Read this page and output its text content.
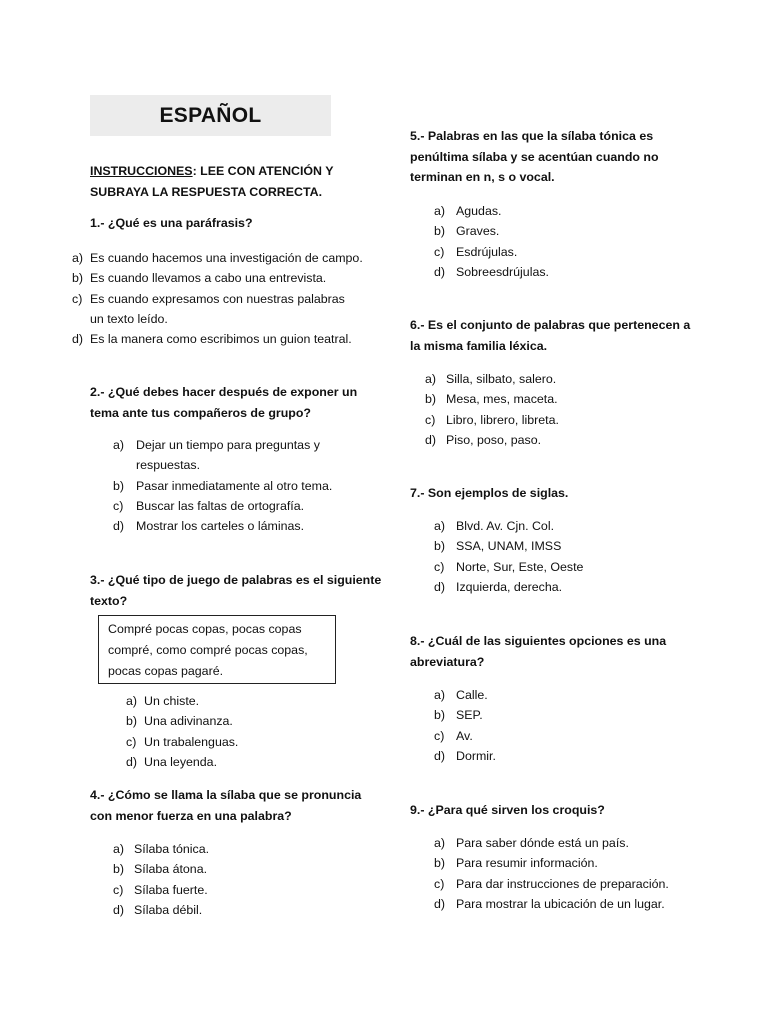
ESPAÑOL
INSTRUCCIONES: LEE CON ATENCIÓN Y SUBRAYA LA RESPUESTA CORRECTA.
1.- ¿Qué es una paráfrasis?
a) Es cuando hacemos una investigación de campo.
b) Es cuando llevamos a cabo una entrevista.
c) Es cuando expresamos con nuestras palabras un texto leído.
d) Es la manera como escribimos un guion teatral.
2.- ¿Qué debes hacer después de exponer un tema ante tus compañeros de grupo?
a) Dejar un tiempo para preguntas y respuestas.
b) Pasar inmediatamente al otro tema.
c) Buscar las faltas de ortografía.
d) Mostrar los carteles o láminas.
3.- ¿Qué tipo de juego de palabras es el siguiente texto?
Compré pocas copas, pocas copas compré, como compré pocas copas, pocas copas pagaré.
a) Un chiste.
b) Una adivinanza.
c) Un trabalenguas.
d) Una leyenda.
4.- ¿Cómo se llama la sílaba que se pronuncia con menor fuerza en una palabra?
a) Sílaba tónica.
b) Sílaba átona.
c) Sílaba fuerte.
d) Sílaba débil.
5.- Palabras en las que la sílaba tónica es penúltima sílaba y se acentúan cuando no terminan en n, s o vocal.
a) Agudas.
b) Graves.
c) Esdrújulas.
d) Sobreesdrújulas.
6.- Es el conjunto de palabras que pertenecen a la misma familia léxica.
a) Silla, silbato, salero.
b) Mesa, mes, maceta.
c) Libro, librero, libreta.
d) Piso, poso, paso.
7.- Son ejemplos de siglas.
a) Blvd. Av. Cjn. Col.
b) SSA, UNAM, IMSS
c) Norte, Sur, Este, Oeste
d) Izquierda, derecha.
8.- ¿Cuál de las siguientes opciones es una abreviatura?
a) Calle.
b) SEP.
c) Av.
d) Dormir.
9.- ¿Para qué sirven los croquis?
a) Para saber dónde está un país.
b) Para resumir información.
c) Para dar instrucciones de preparación.
d) Para mostrar la ubicación de un lugar.
